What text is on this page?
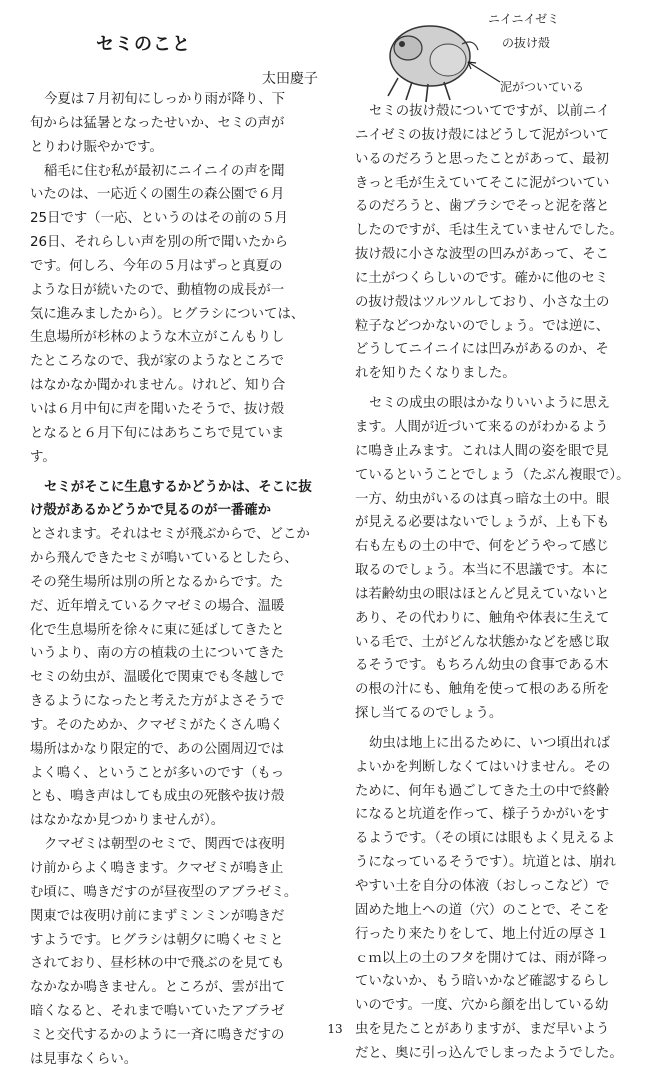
セミのこと
太田慶子
ニイニイゼミ
の抜け殻
泥がついている

今夏は７月初旬にしっかり雨が降り、下

旬からは猛暑となったせいか、セミの声が

とりわけ賑やかです。

稲毛に住む私が最初にニイニイの声を聞

いたのは、一応近くの園生の森公園で６月

25日です（一応、というのはその前の５月

26日、それらしい声を別の所で聞いたから

です。何しろ、今年の５月はずっと真夏の

ような日が続いたので、動植物の成長が一

気に進みましたから）。ヒグラシについては、

生息場所が杉林のような木立がこんもりし

たところなので、我が家のようなところで

はなかなか聞かれません。けれど、知り合

いは６月中旬に声を聞いたそうで、抜け殻

となると６月下旬にはあちこちで見ていま

す。

セミがそこに生息するかどうかは、そこに抜

け殻があるかどうかで見るのが一番確か

とされます。それはセミが飛ぶからで、どこか

から飛んできたセミが鳴いているとしたら、

その発生場所は別の所となるからです。た

だ、近年増えているクマゼミの場合、温暖

化で生息場所を徐々に東に延ばしてきたと

いうより、南の方の植栽の土についてきた

セミの幼虫が、温暖化で関東でも冬越しで

きるようになったと考えた方がよさそうで

す。そのためか、クマゼミがたくさん鳴く

場所はかなり限定的で、あの公園周辺では

よく鳴く、ということが多いのです（もっ

とも、鳴き声はしても成虫の死骸や抜け殻

はなかなか見つかりませんが）。

クマゼミは朝型のセミで、関西では夜明

け前からよく鳴きます。クマゼミが鳴き止

む頃に、鳴きだすのが昼夜型のアブラゼミ。

関東では夜明け前にまずミンミンが鳴きだ

すようです。ヒグラシは朝夕に鳴くセミと

されており、昼杉林の中で飛ぶのを見ても

なかなか鳴きません。ところが、雲が出て

暗くなると、それまで鳴いていたアブラゼ

ミと交代するかのように一斉に鳴きだすの

は見事なくらい。

セミの抜け殻についてですが、以前ニイ

ニイゼミの抜け殻にはどうして泥がついて

いるのだろうと思ったことがあって、最初

きっと毛が生えていてそこに泥がついてい

るのだろうと、歯ブラシでそっと泥を落と

したのですが、毛は生えていませんでした。

抜け殻に小さな波型の凹みがあって、そこ

に土がつくらしいのです。確かに他のセミ

の抜け殻はツルツルしており、小さな土の

粒子などつかないのでしょう。では逆に、

どうしてニイニイには凹みがあるのか、そ

れを知りたくなりました。

セミの成虫の眼はかなりいいように思え

ます。人間が近づいて来るのがわかるよう

に鳴き止みます。これは人間の姿を眼で見

ているということでしょう（たぶん複眼で）。

一方、幼虫がいるのは真っ暗な土の中。眼

が見える必要はないでしょうが、上も下も

右も左もの土の中で、何をどうやって感じ

取るのでしょう。本当に不思議です。本に

は若齢幼虫の眼はほとんど見えていないと

あり、その代わりに、触角や体表に生えて

いる毛で、土がどんな状態かなどを感じ取

るそうです。もちろん幼虫の食事である木

の根の汁にも、触角を使って根のある所を

探し当てるのでしょう。

幼虫は地上に出るために、いつ頃出れば

よいかを判断しなくてはいけません。その

ために、何年も過ごしてきた土の中で終齢

になると坑道を作って、様子うかがいをす

るようです。（その頃には眼もよく見えるよ

うになっているそうです）。坑道とは、崩れ

やすい土を自分の体液（おしっこなど）で

固めた地上への道（穴）のことで、そこを

行ったり来たりをして、地上付近の厚さ１

ｃｍ以上の土のフタを開けては、雨が降っ

ていないか、もう暗いかなど確認するらし

いのです。一度、穴から顔を出している幼

虫を見たことがありますが、まだ早いよう

だと、奥に引っ込んでしまったようでした。

13
